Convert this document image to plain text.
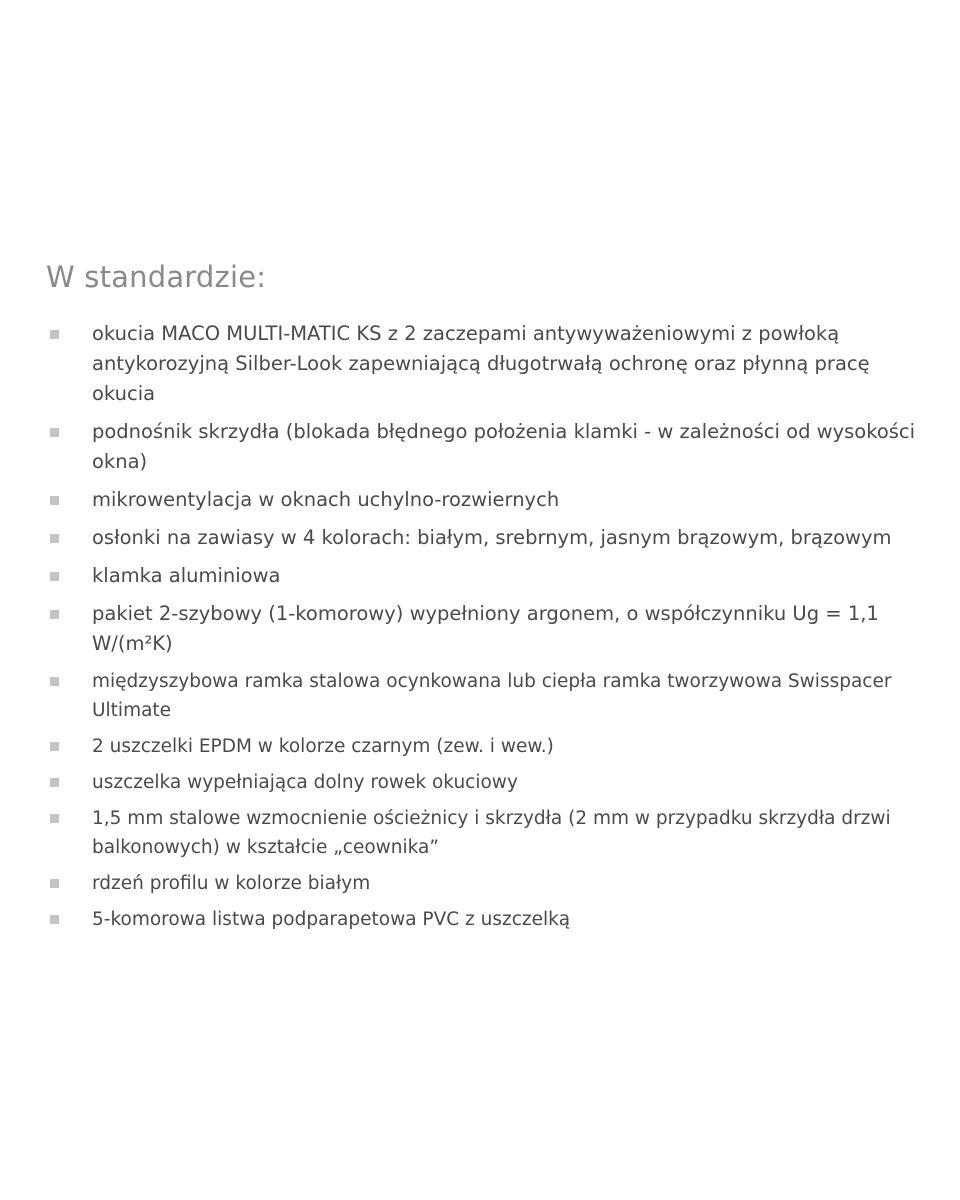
W standardzie:
okucia MACO MULTI-MATIC KS z 2 zaczepami antywyważeniowymi z powłoką antykorozyjną Silber-Look zapewniającą długotrwałą ochronę oraz płynną pracę okucia
podnośnik skrzydła (blokada błędnego położenia klamki - w zależności od wysokości okna)
mikrowentylacja w oknach uchylno-rozwiernych
osłonki na zawiasy w 4 kolorach: białym, srebrnym, jasnym brązowym, brązowym
klamka aluminiowa
pakiet 2-szybowy (1-komorowy) wypełniony argonem, o współczynniku Ug = 1,1 W/(m²K)
międzyszybowa ramka stalowa ocynkowana lub ciepła ramka tworzywowa Swisspacer Ultimate
2 uszczelki EPDM w kolorze czarnym (zew. i wew.)
uszczelka wypełniająca dolny rowek okuciowy
1,5 mm stalowe wzmocnienie ościeżnicy i skrzydła (2 mm w przypadku skrzydła drzwi balkonowych) w kształcie „ceownika”
rdzeń profilu w kolorze białym
5-komorowa listwa podparapetowa PVC z uszczelką
